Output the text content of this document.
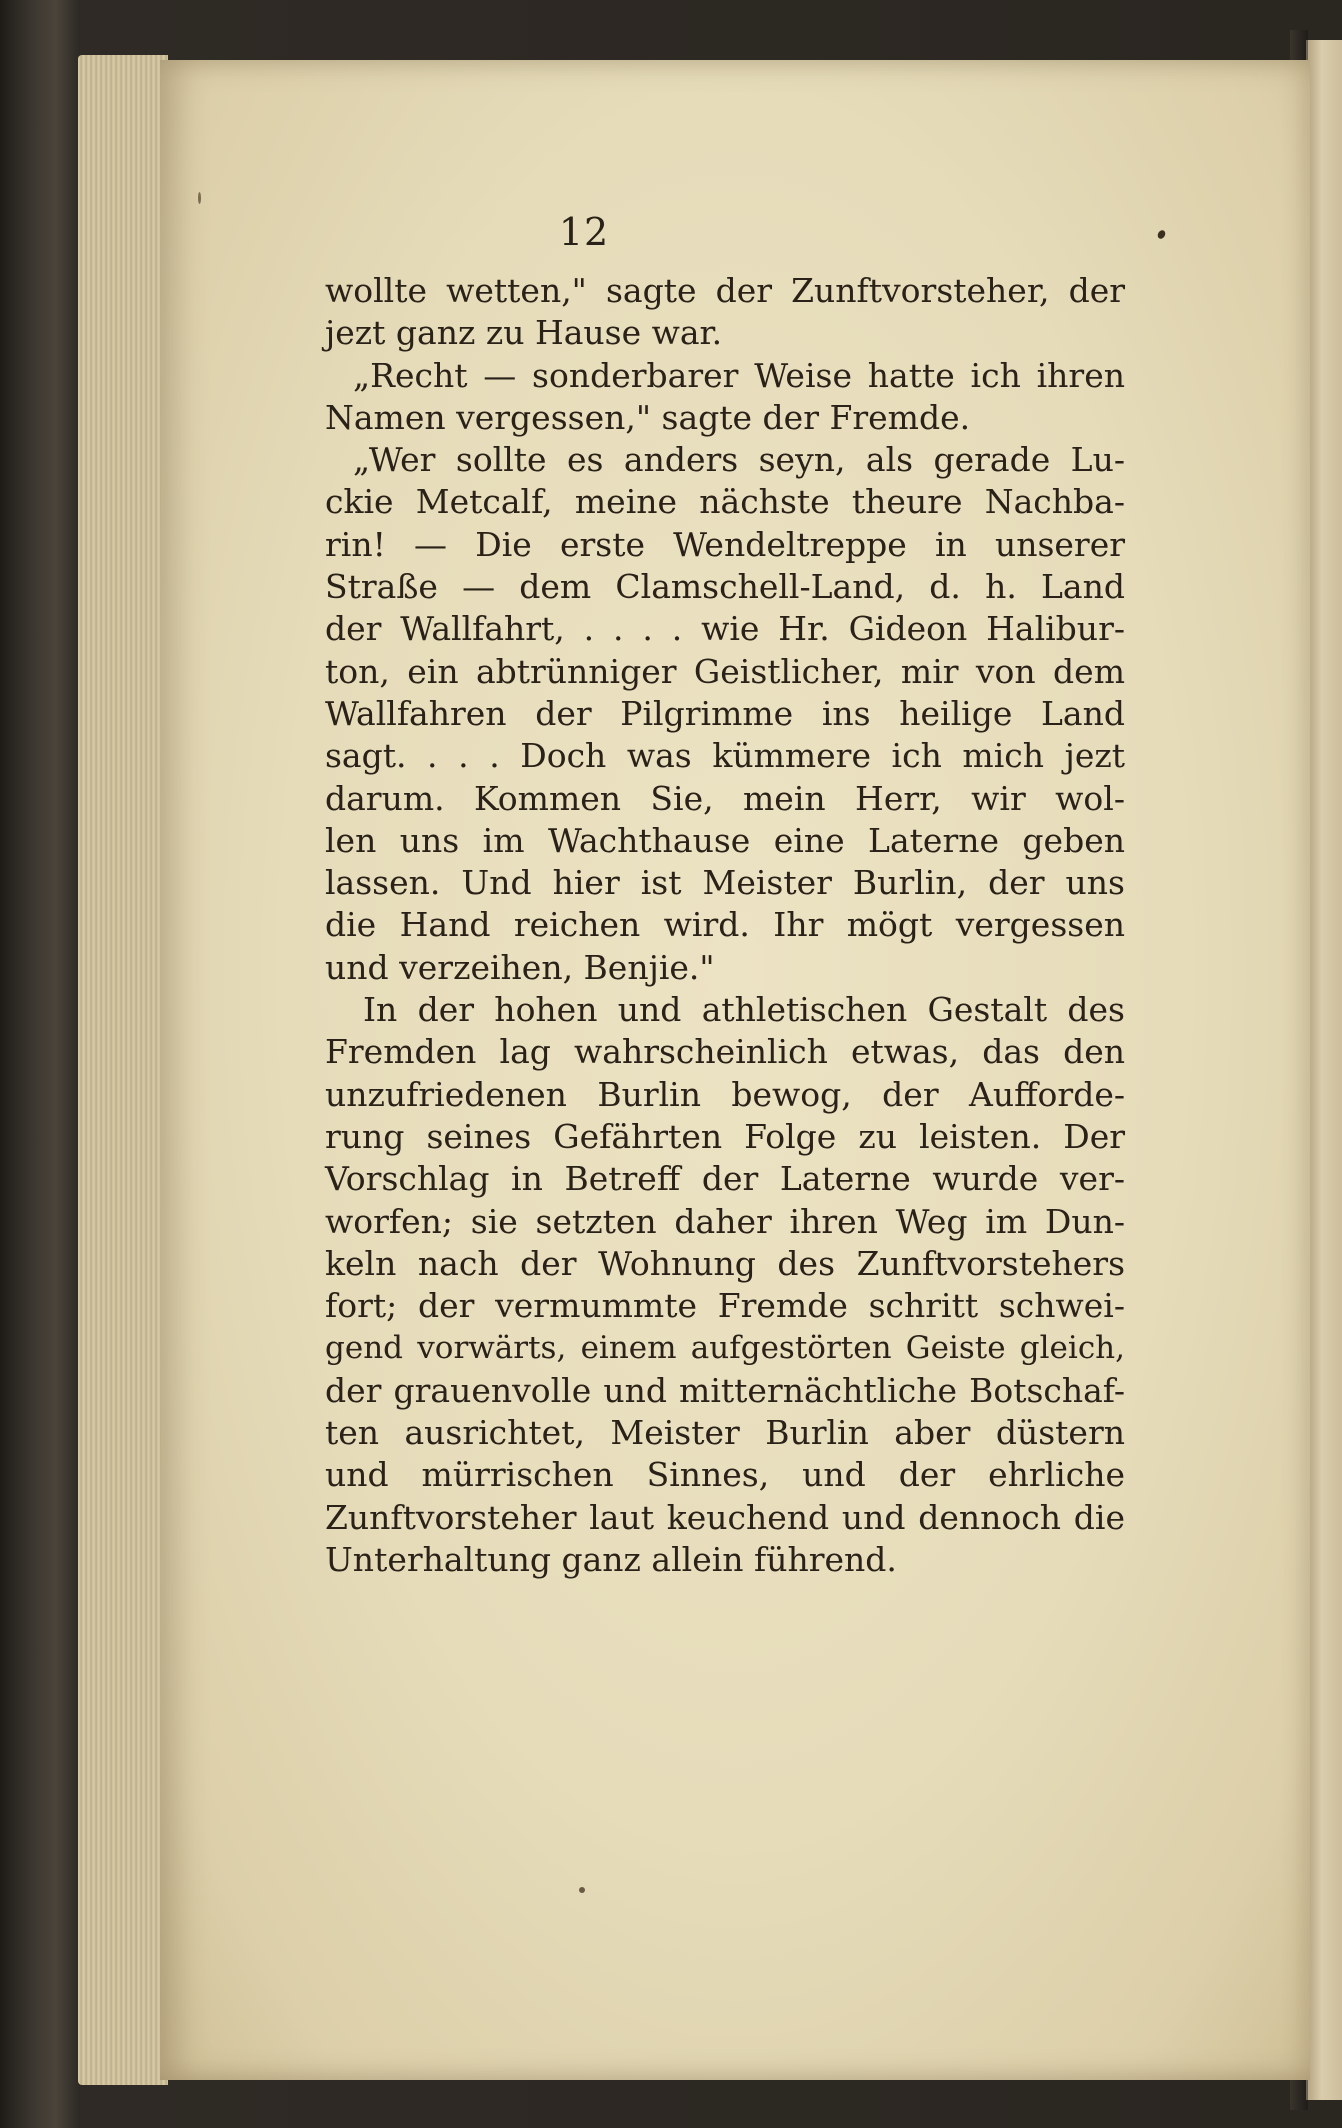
12
wollte wetten," sagte der Zunftvorsteher, der
jezt ganz zu Hause war.
„Recht — sonderbarer Weise hatte ich ihren
Namen vergessen," sagte der Fremde.
„Wer sollte es anders seyn, als gerade Lu-
ckie Metcalf, meine nächste theure Nachba-
rin! — Die erste Wendeltreppe in unserer
Straße — dem Clamschell-Land, d. h. Land
der Wallfahrt, . . . . wie Hr. Gideon Halibur-
ton, ein abtrünniger Geistlicher, mir von dem
Wallfahren der Pilgrimme ins heilige Land
sagt. . . . Doch was kümmere ich mich jezt
darum. Kommen Sie, mein Herr, wir wol-
len uns im Wachthause eine Laterne geben
lassen. Und hier ist Meister Burlin, der uns
die Hand reichen wird. Ihr mögt vergessen
und verzeihen, Benjie."
In der hohen und athletischen Gestalt des
Fremden lag wahrscheinlich etwas, das den
unzufriedenen Burlin bewog, der Aufforde-
rung seines Gefährten Folge zu leisten. Der
Vorschlag in Betreff der Laterne wurde ver-
worfen; sie setzten daher ihren Weg im Dun-
keln nach der Wohnung des Zunftvorstehers
fort; der vermummte Fremde schritt schwei-
gend vorwärts, einem aufgestörten Geiste gleich,
der grauenvolle und mitternächtliche Botschaf-
ten ausrichtet, Meister Burlin aber düstern
und mürrischen Sinnes, und der ehrliche
Zunftvorsteher laut keuchend und dennoch die
Unterhaltung ganz allein führend.
